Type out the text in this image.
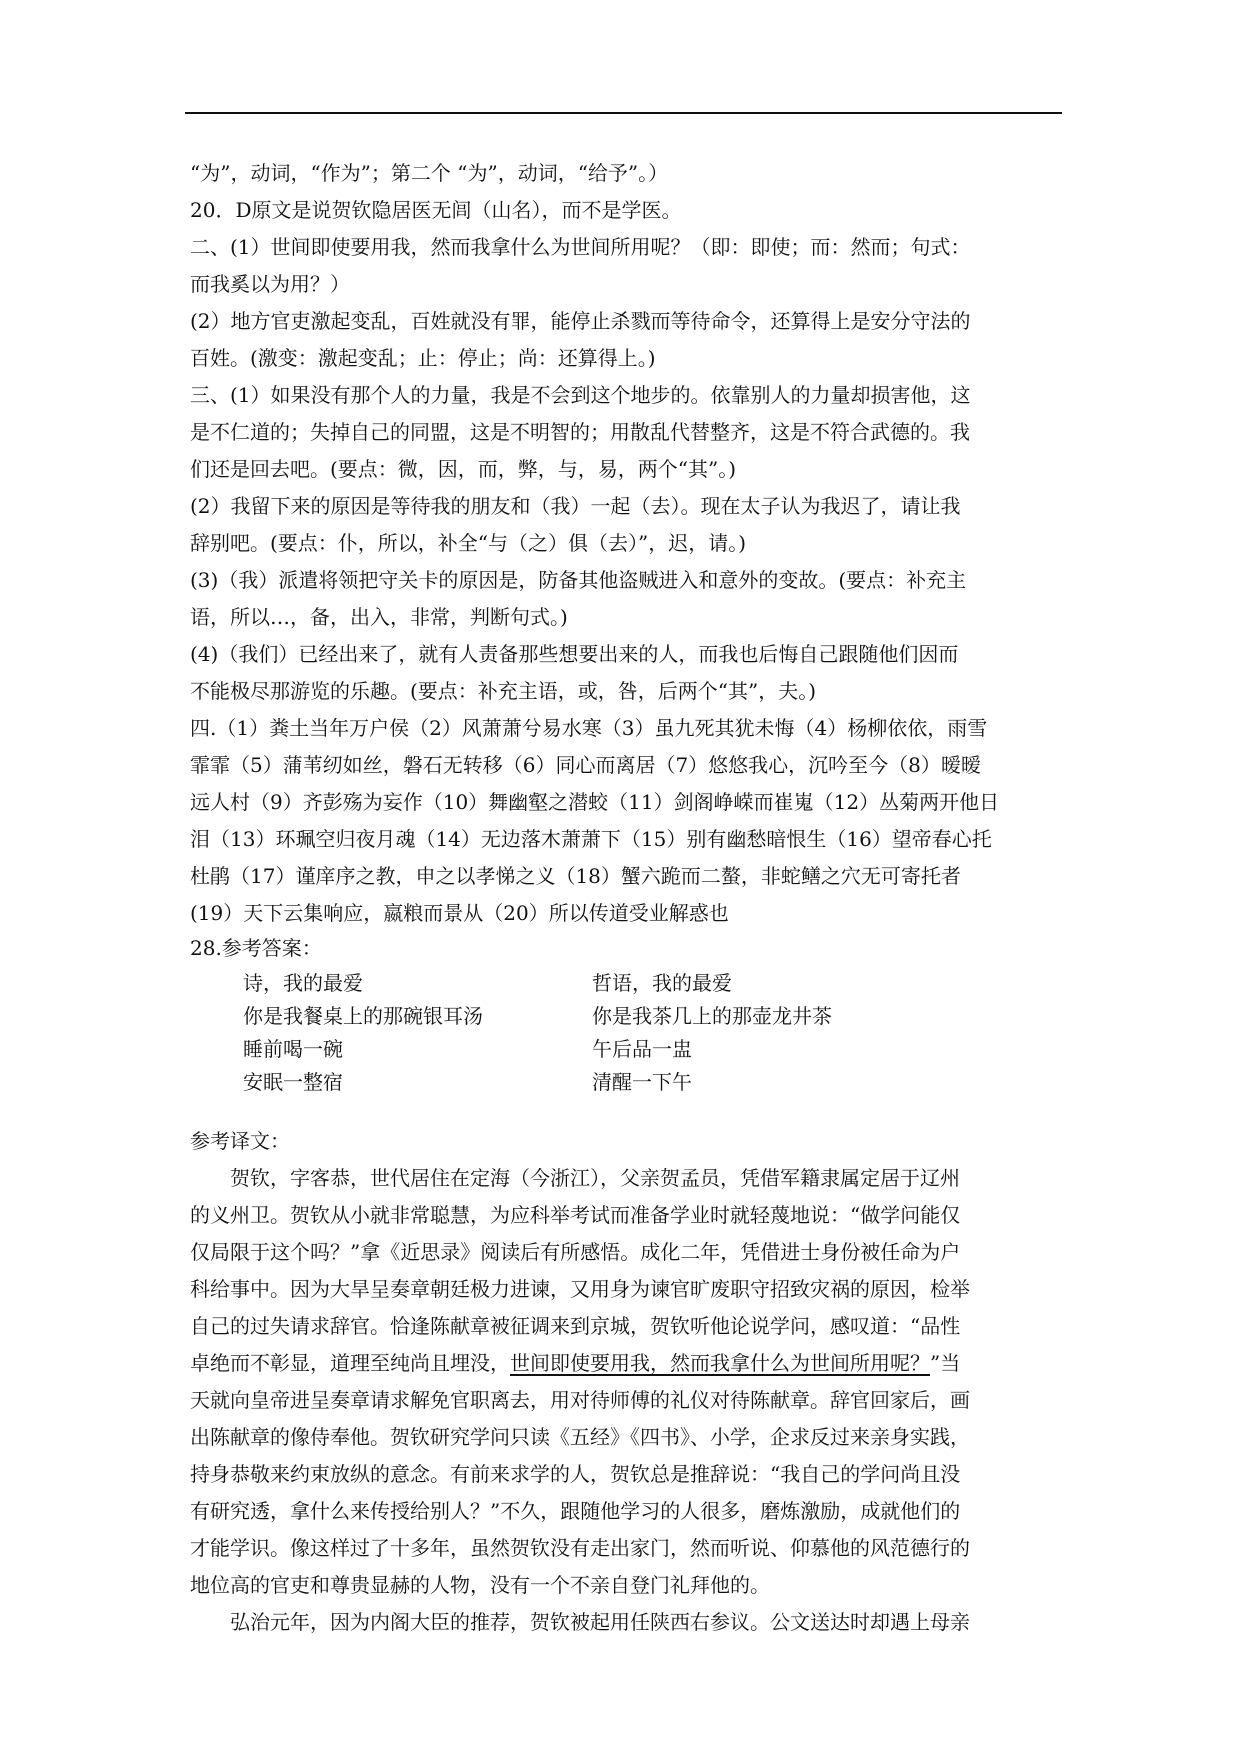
“为”，动词，“作为”；第二个 “为”，动词，“给予”。）
20．D原文是说贺钦隐居医无闾（山名），而不是学医。
二、(1）世间即使要用我，然而我拿什么为世间所用呢？（即：即使；而：然而；句式：
而我奚以为用？）
(2）地方官吏激起变乱，百姓就没有罪，能停止杀戮而等待命令，还算得上是安分守法的
百姓。(激变：激起变乱；止：停止；尚：还算得上。)
三、(1）如果没有那个人的力量，我是不会到这个地步的。依靠别人的力量却损害他，这
是不仁道的；失掉自己的同盟，这是不明智的；用散乱代替整齐，这是不符合武德的。我
们还是回去吧。(要点：微，因，而，弊，与，易，两个“其”。)
(2）我留下来的原因是等待我的朋友和（我）一起（去）。现在太子认为我迟了，请让我
辞别吧。(要点：仆，所以，补全“与（之）俱（去）”，迟，请。)
(3)（我）派遣将领把守关卡的原因是，防备其他盗贼进入和意外的变故。(要点：补充主
语，所以…，备，出入，非常，判断句式。)
(4)（我们）已经出来了，就有人责备那些想要出来的人，而我也后悔自己跟随他们因而
不能极尽那游览的乐趣。(要点：补充主语，或，咎，后两个“其”，夫。)
四.（1）粪土当年万户侯（2）风萧萧兮易水寒（3）虽九死其犹未悔（4）杨柳依依，雨雪
霏霏（5）蒲苇纫如丝，磐石无转移（6）同心而离居（7）悠悠我心，沉吟至今（8）暧暧
远人村（9）齐彭殇为妄作（10）舞幽壑之潜蛟（11）剑阁峥嵘而崔嵬（12）丛菊两开他日
泪（13）环珮空归夜月魂（14）无边落木萧萧下（15）别有幽愁暗恨生（16）望帝春心托
杜鹃（17）谨庠序之教，申之以孝悌之义（18）蟹六跪而二螯，非蛇鳝之穴无可寄托者
(19）天下云集响应，嬴粮而景从（20）所以传道受业解惑也
28.参考答案：
诗，我的最爱
你是我餐桌上的那碗银耳汤
睡前喝一碗
安眠一整宿
哲语，我的最爱
你是我茶几上的那壶龙井茶
午后品一盅
清醒一下午
参考译文：
贺钦，字客恭，世代居住在定海（今浙江），父亲贺孟员，凭借军籍隶属定居于辽州
的义州卫。贺钦从小就非常聪慧，为应科举考试而准备学业时就轻蔑地说：“做学问能仅
仅局限于这个吗？”拿《近思录》阅读后有所感悟。成化二年，凭借进士身份被任命为户
科给事中。因为大旱呈奏章朝廷极力进谏，又用身为谏官旷废职守招致灾祸的原因，检举
自己的过失请求辞官。恰逢陈献章被征调来到京城，贺钦听他论说学问，感叹道：“品性
卓绝而不彰显，道理至纯尚且埋没，世间即使要用我，然而我拿什么为世间所用呢？”当
天就向皇帝进呈奏章请求解免官职离去，用对待师傅的礼仪对待陈献章。辞官回家后，画
出陈献章的像侍奉他。贺钦研究学问只读《五经》《四书》、小学，企求反过来亲身实践，
持身恭敬来约束放纵的意念。有前来求学的人，贺钦总是推辞说：“我自己的学问尚且没
有研究透，拿什么来传授给别人？”不久，跟随他学习的人很多，磨炼激励，成就他们的
才能学识。像这样过了十多年，虽然贺钦没有走出家门，然而听说、仰慕他的风范德行的
地位高的官吏和尊贵显赫的人物，没有一个不亲自登门礼拜他的。
弘治元年，因为内阁大臣的推荐，贺钦被起用任陕西右参议。公文送达时却遇上母亲
